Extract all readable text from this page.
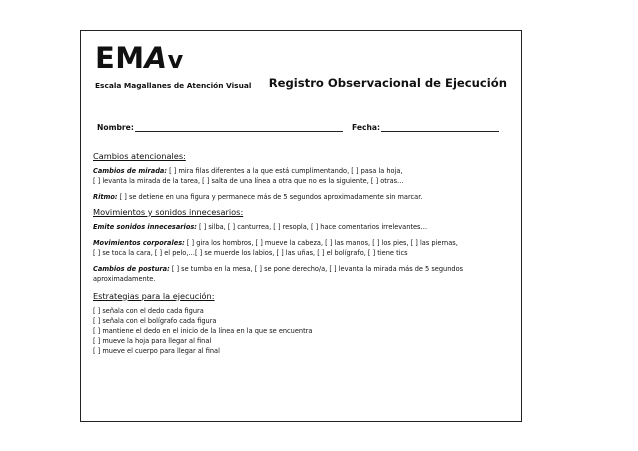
EMAv
Escala Magallanes de Atención Visual Registro Observacional de Ejecución
Nombre:	Fecha:

Cambios atencionales:

Cambios de mirada: [ ] mira filas diferentes a la que está cumplimentando, [ ] pasa la hoja,

[ ] levanta la mirada de la tarea, [ ] salta de una línea a otra que no es la siguiente, [ ] otras…

Ritmo: [ ] se detiene en una figura y permanece más de 5 segundos aproximadamente sin marcar.

Movimientos y sonidos innecesarios:

Emite sonidos innecesarios: [ ] silba, [ ] canturrea, [ ] resopla, [ ] hace comentarios irrelevantes…

Movimientos corporales: [ ] gira los hombros, [ ] mueve la cabeza, [ ] las manos, [ ] los pies, [ ] las piernas,

[ ] se toca la cara, [ ] el pelo,…[ ] se muerde los labios, [ ] las uñas, [ ] el bolígrafo, [ ] tiene tics

Cambios de postura: [ ] se tumba en la mesa, [ ] se pone derecho/a, [ ] levanta la mirada más de 5 segundos

aproximadamente.

Estrategias para la ejecución:

[ ] señala con el dedo cada figura

[ ] señala con el bolígrafo cada figura

[ ] mantiene el dedo en el inicio de la línea en la que se encuentra

[ ] mueve la hoja para llegar al final

[ ] mueve el cuerpo para llegar al final
